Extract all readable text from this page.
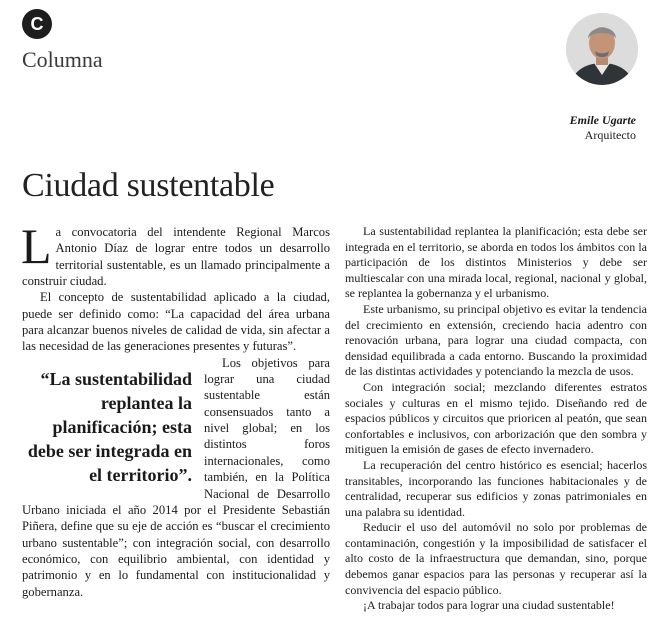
C
Columna
Emile Ugarte
Arquitecto
Ciudad sustentable

La convocatoria del intendente Regional Marcos Antonio Díaz de lograr entre todos un desarrollo territorial sustentable, es un llamado principalmente a construir ciudad.

El concepto de sustentabilidad aplicado a la ciudad, puede ser definido como: “La capacidad del área urbana para alcanzar buenos niveles de calidad de vida, sin afectar a las necesidad de las generaciones presentes y futuras”.

“La sustentabilidad replantea la planificación; esta debe ser integrada en el territorio”.
Los objetivos para lograr una ciudad sustentable están consensuados tanto a nivel global; en los distintos foros internacionales, como también, en la Política Nacional de Desarrollo Urbano iniciada el año 2014 por el Presidente Sebastián Piñera, define que su eje de acción es “buscar el crecimiento urbano sustentable”; con integración social, con desarrollo económico, con equilibrio ambiental, con identidad y patrimonio y en lo fundamental con institucionalidad y gobernanza.

La sustentabilidad replantea la planificación; esta debe ser integrada en el territorio, se aborda en todos los ámbitos con la participación de los distintos Ministerios y debe ser multiescalar con una mirada local, regional, nacional y global, se replantea la gobernanza y el urbanismo.

Este urbanismo, su principal objetivo es evitar la tendencia del crecimiento en extensión, creciendo hacia adentro con renovación urbana, para lograr una ciudad compacta, con densidad equilibrada a cada entorno. Buscando la proximidad de las distintas actividades y potenciando la mezcla de usos.

Con integración social; mezclando diferentes estratos sociales y culturas en el mismo tejido. Diseñando red de espacios públicos y circuitos que prioricen al peatón, que sean confortables e inclusivos, con arborización que den sombra y mitiguen la emisión de gases de efecto invernadero.

La recuperación del centro histórico es esencial; hacerlos transitables, incorporando las funciones habitacionales y de centralidad, recuperar sus edificios y zonas patrimoniales en una palabra su identidad.

Reducir el uso del automóvil no solo por problemas de contaminación, congestión y la imposibilidad de satisfacer el alto costo de la infraestructura que demandan, sino, porque debemos ganar espacios para las personas y recuperar así la convivencia del espacio público.

¡A trabajar todos para lograr una ciudad sustentable!
